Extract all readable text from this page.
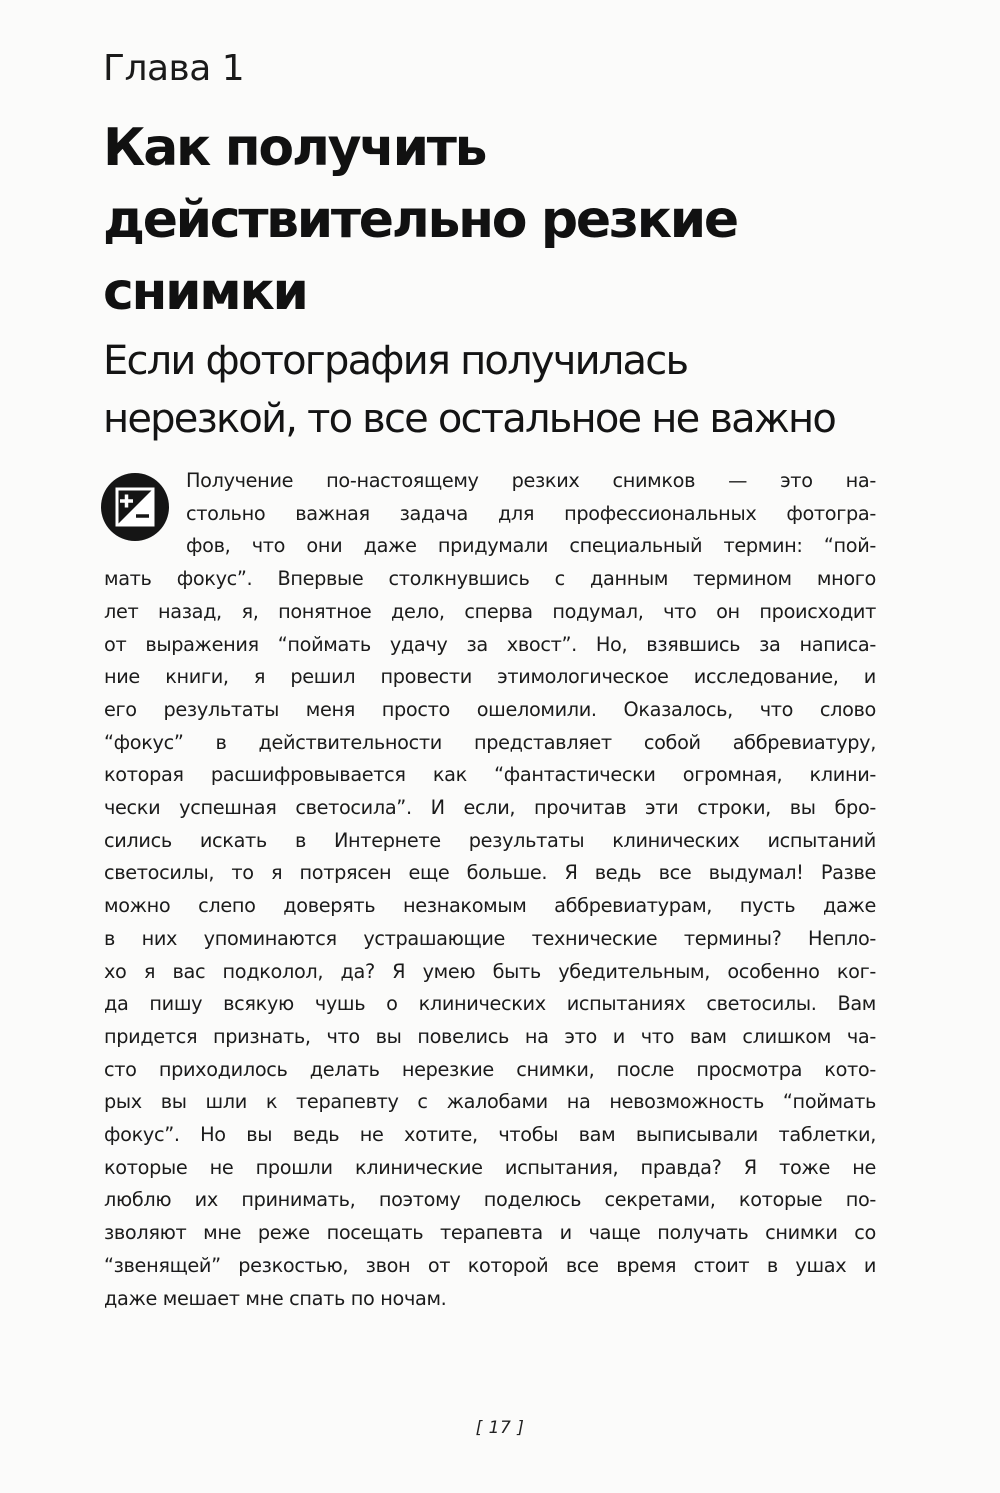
Глава 1
Как получить
действительно резкие
снимки
Если фотография получилась
нерезкой, то все остальное не важно
Получение по-настоящему резких снимков — это на-
стольно важная задача для профессиональных фотогра-
фов, что они даже придумали специальный термин: “пой-
мать фокус”. Впервые столкнувшись с данным термином много
лет назад, я, понятное дело, сперва подумал, что он происходит
от выражения “поймать удачу за хвост”. Но, взявшись за написа-
ние книги, я решил провести этимологическое исследование, и
его результаты меня просто ошеломили. Оказалось, что слово
“фокус” в действительности представляет собой аббревиатуру,
которая расшифровывается как “фантастически огромная, клини-
чески успешная светосила”. И если, прочитав эти строки, вы бро-
сились искать в Интернете результаты клинических испытаний
светосилы, то я потрясен еще больше. Я ведь все выдумал! Разве
можно слепо доверять незнакомым аббревиатурам, пусть даже
в них упоминаются устрашающие технические термины? Непло-
хо я вас подколол, да? Я умею быть убедительным, особенно ког-
да пишу всякую чушь о клинических испытаниях светосилы. Вам
придется признать, что вы повелись на это и что вам слишком ча-
сто приходилось делать нерезкие снимки, после просмотра кото-
рых вы шли к терапевту с жалобами на невозможность “поймать
фокус”. Но вы ведь не хотите, чтобы вам выписывали таблетки,
которые не прошли клинические испытания, правда? Я тоже не
люблю их принимать, поэтому поделюсь секретами, которые по-
зволяют мне реже посещать терапевта и чаще получать снимки со
“звенящей” резкостью, звон от которой все время стоит в ушах и
даже мешает мне спать по ночам.
[ 17 ]
